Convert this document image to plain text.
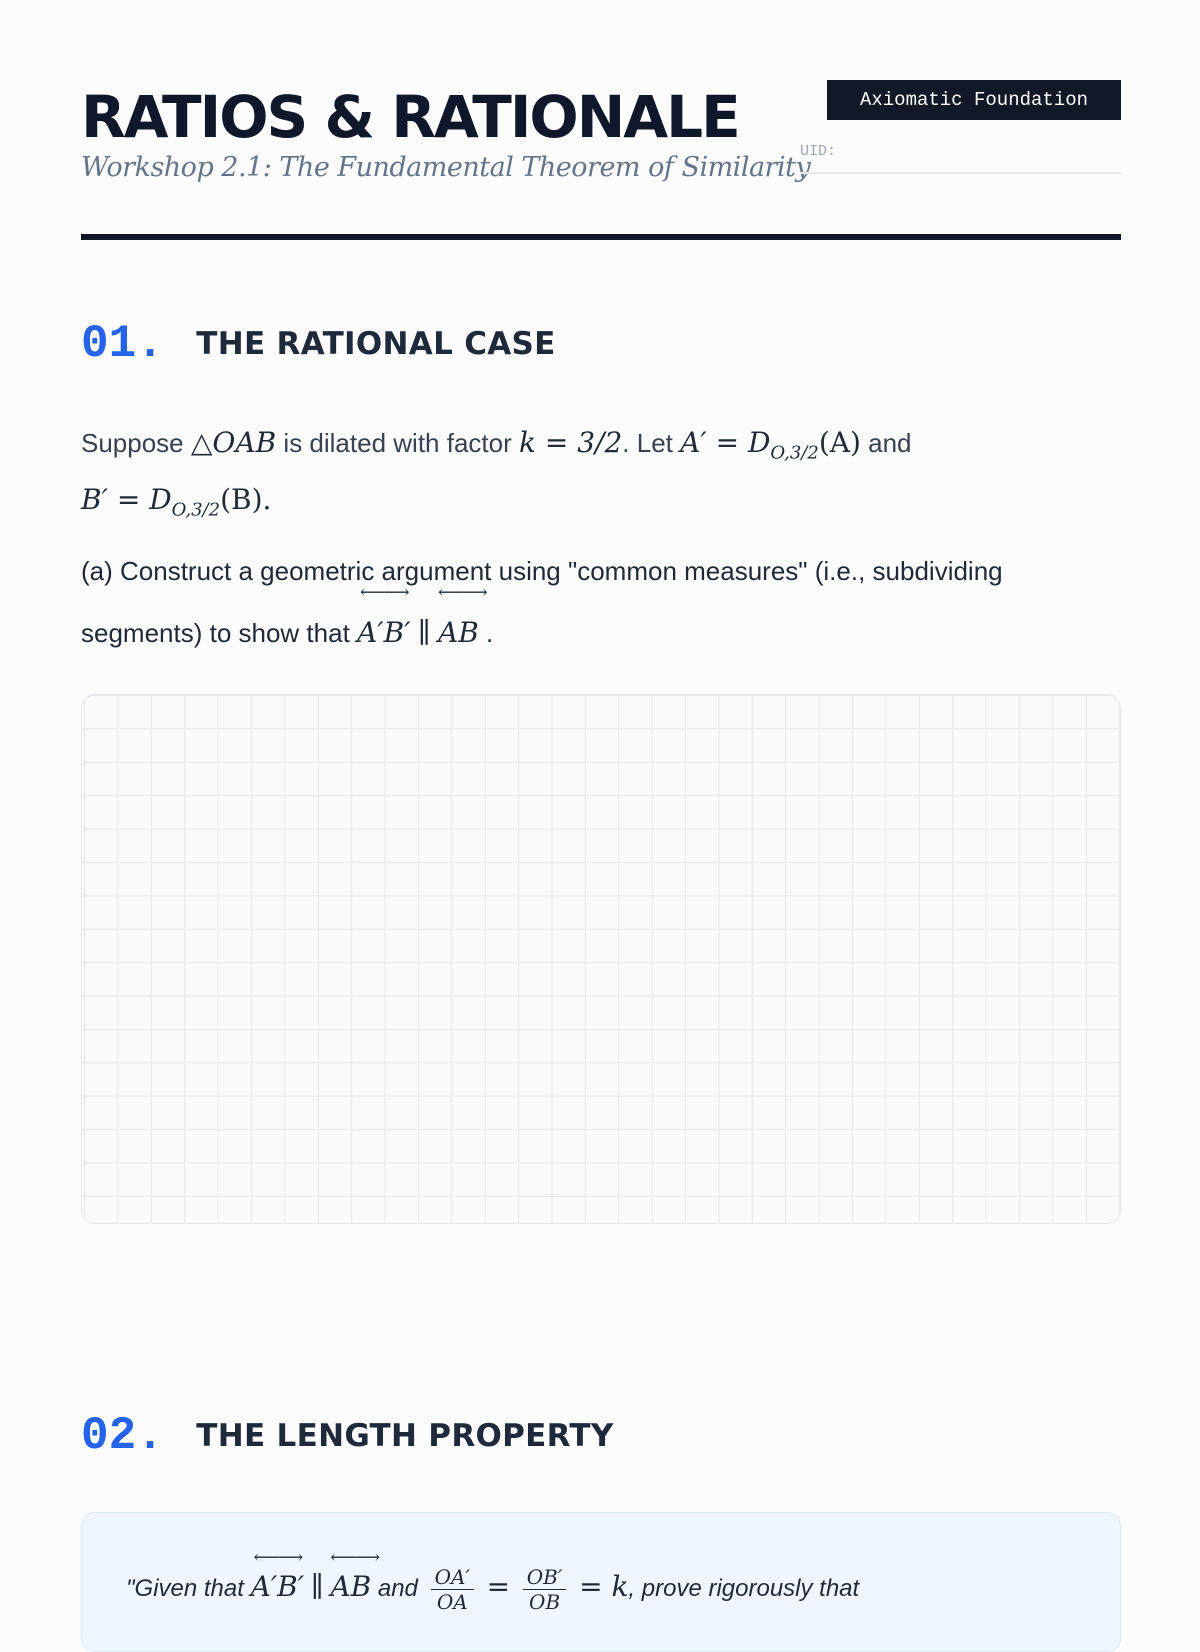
RATIOS & RATIONALE
Workshop 2.1: The Fundamental Theorem of Similarity
Axiomatic Foundation
UID:
01. THE RATIONAL CASE
Suppose △OAB is dilated with factor k = 3/2. Let $A' = D_{O,3/2}(A)$ and
$B' = D_{O,3/2}(B)$.
(a) Construct a geometric argument using "common measures" (i.e., subdividing segments) to show that
⟵⟶
A′B′ ∥
⟵⟶
AB .
02. THE LENGTH PROPERTY
"Given that
⟵⟶
A′B′ ∥
⟵⟶
AB and $\frac{OA'}{OA} = \frac{OB'}{OB} = k$, prove rigorously that
